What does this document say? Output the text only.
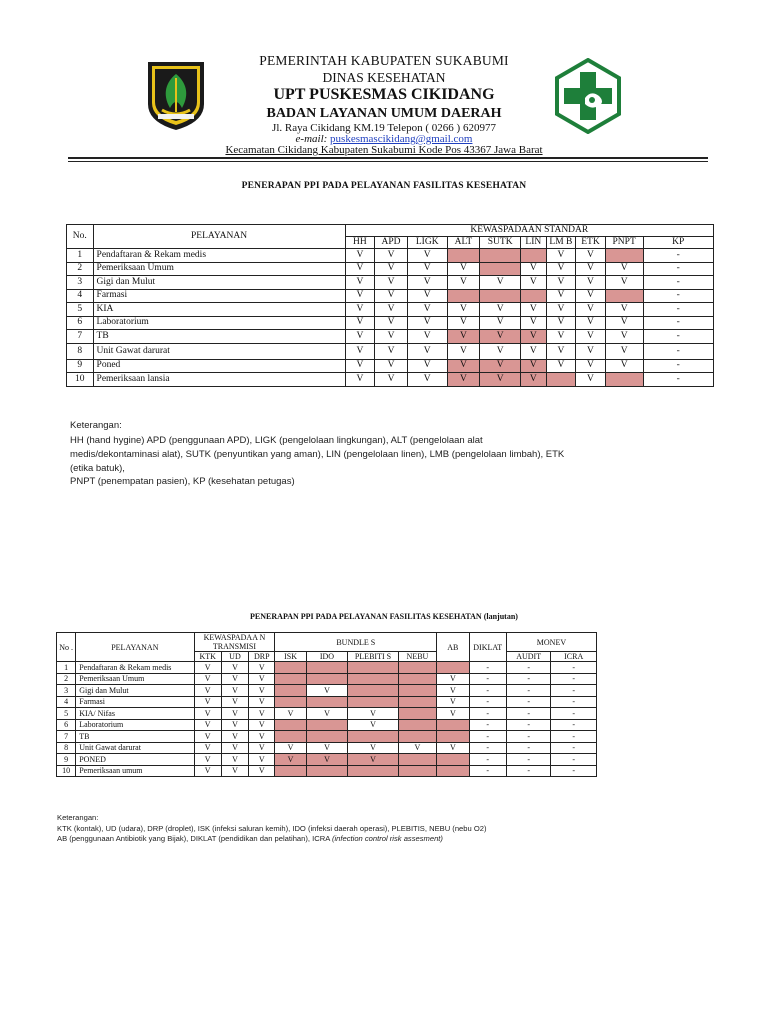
PEMERINTAH KABUPATEN SUKABUMI
DINAS KESEHATAN
UPT PUSKESMAS CIKIDANG
BADAN LAYANAN UMUM DAERAH
Jl. Raya Cikidang KM.19 Telepon ( 0266 ) 620977
e-mail: puskesmascikidang@gmail.com
Kecamatan Cikidang Kabupaten Sukabumi Kode Pos 43367 Jawa Barat
PENERAPAN PPI PADA PELAYANAN FASILITAS KESEHATAN
No.	PELAYANAN	KEWASPADAAN STANDAR									
		HH	APD	LIGK	ALT	SUTK	LIN	LM B	ETK	PNPT	KP
1	Pendaftaran & Rekam medis	V	V	V				V	V		-
2	Pemeriksaan Umum	V	V	V	V		V	V	V	V	-
3	Gigi dan Mulut	V	V	V	V	V	V	V	V	V	-
4	Farmasi	V	V	V				V	V		-
5	KIA	V	V	V	V	V	V	V	V	V	-
6	Laboratorium	V	V	V	V	V	V	V	V	V	-
7	TB	V	V	V	V	V	V	V	V	V	-
8	Unit Gawat darurat	V	V	V	V	V	V	V	V	V	-
9	Poned	V	V	V	V	V	V	V	V	V	-
10	Pemeriksaan lansia	V	V	V	V	V	V		V		-
Keterangan:
HH (hand hygine) APD (penggunaan APD), LIGK (pengelolaan lingkungan), ALT (pengelolaan alat
medis/dekontaminasi alat), SUTK (penyuntikan yang aman), LIN (pengelolaan linen), LMB (pengelolaan limbah), ETK
(etika batuk),
PNPT (penempatan pasien), KP (kesehatan petugas)
PENERAPAN PPI PADA PELAYANAN FASILITAS KESEHATAN (lanjutan)
No .	PELAYANAN	KEWASPADAA N TRANSMISI			BUNDLE S				AB	DIKLAT	MONEV	
		KTK	UD	DRP	ISK	IDO	PLEBITI S	NEBU			AUDIT	ICRA
1	Pendaftaran & Rekam medis	V	V	V						-	-	-
2	Pemeriksaan Umum	V	V	V					V	-	-	-
3	Gigi dan Mulut	V	V	V		V			V	-	-	-
4	Farmasi	V	V	V					V	-	-	-
5	KIA/ Nifas	V	V	V	V	V	V		V	-	-	-
6	Laboratorium	V	V	V			V			-	-	-
7	TB	V	V	V						-	-	-
8	Unit Gawat darurat	V	V	V	V	V	V	V	V	-	-	-
9	PONED	V	V	V	V	V	V			-	-	-
10	Pemeriksaan umum	V	V	V						-	-	-
Keterangan:
KTK (kontak), UD (udara), DRP (droplet), ISK (infeksi saluran kemih), IDO (infeksi daerah operasi), PLEBITIS, NEBU (nebu O2)
AB (penggunaan Antibiotik yang Bijak), DIKLAT (pendidikan dan pelatihan), ICRA (infection control risk assesment)
